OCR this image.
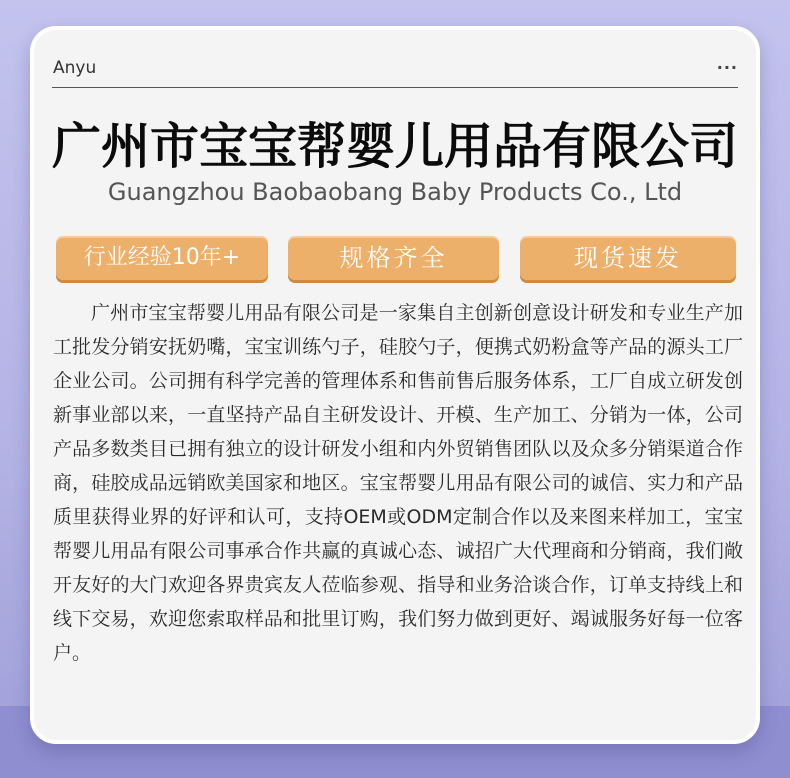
Anyu	···
广州市宝宝帮婴儿用品有限公司
Guangzhou Baobaobang Baby Products Co., Ltd
行业经验10年+	规格齐全	现货速发
广州市宝宝帮婴儿用品有限公司是一家集自主创新创意设计研发和专业生产加工批发分销安抚奶嘴，宝宝训练勺子，硅胶勺子，便携式奶粉盒等产品的源头工厂企业公司。公司拥有科学完善的管理体系和售前售后服务体系，工厂自成立研发创新事业部以来，一直坚持产品自主研发设计、开模、生产加工、分销为一体，公司产品多数类目已拥有独立的设计研发小组和内外贸销售团队以及众多分销渠道合作商，硅胶成品远销欧美国家和地区。宝宝帮婴儿用品有限公司的诚信、实力和产品质里获得业界的好评和认可，支持OEM或ODM定制合作以及来图来样加工，宝宝帮婴儿用品有限公司事承合作共赢的真诚心态、诚招广大代理商和分销商，我们敞开友好的大门欢迎各界贵宾友人莅临参观、指导和业务洽谈合作，订单支持线上和线下交易，欢迎您索取样品和批里订购，我们努力做到更好、竭诚服务好每一位客户。
